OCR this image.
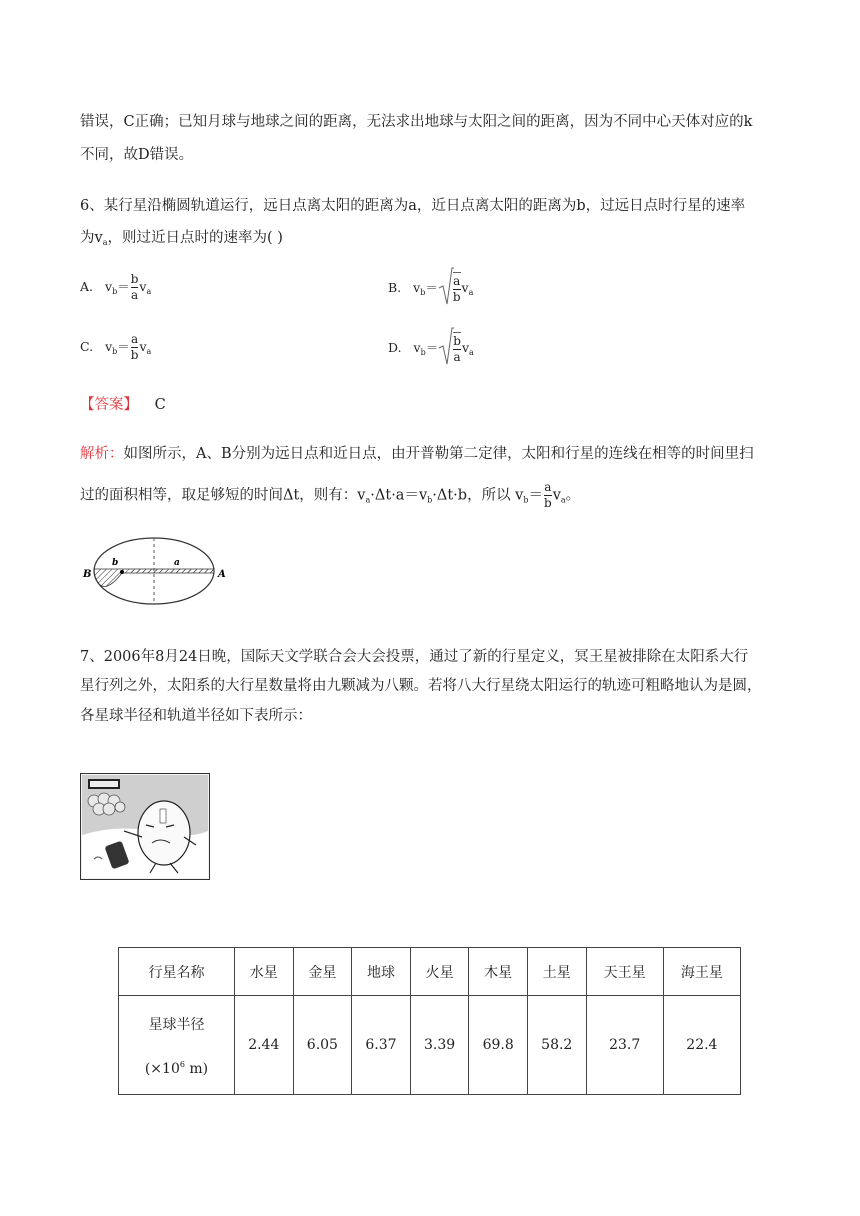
错误，C正确；已知月球与地球之间的距离，无法求出地球与太阳之间的距离，因为不同中心天体对应的k
不同，故D错误。
6、某行星沿椭圆轨道运行，远日点离太阳的距离为a，近日点离太阳的距离为b，过远日点时行星的速率
为$v_a$，则过近日点时的速率为( )
A. $v_b= \frac{b}{a} v_a$	B. $v_b= \frac{a}{b} v_a$
C. $v_b= \frac{a}{b} v_a$	D. $v_b= \frac{b}{a} v_a$
【答案】 C
解析：如图所示，A、B分别为远日点和近日点，由开普勒第二定律，太阳和行星的连线在相等的时间里扫
过的面积相等，取足够短的时间Δt，则有：$v_a\cdot\Delta t\cdot a=v_b\cdot\Delta t\cdot b$，所以 $v_b= \frac{a}{b} v_a$。
B	A
b	a
7、2006年8月24日晚，国际天文学联合会大会投票，通过了新的行星定义，冥王星被排除在太阳系大行
星行列之外，太阳系的大行星数量将由九颗减为八颗。若将八大行星绕太阳运行的轨迹可粗略地认为是圆，
各星球半径和轨道半径如下表所示：
行星名称	水星	金星	地球	火星	木星	土星	天王星	海王星

星球半径
($\times 10^6$ m)	2.44	6.05	6.37	3.39	69.8	58.2	23.7	22.4
